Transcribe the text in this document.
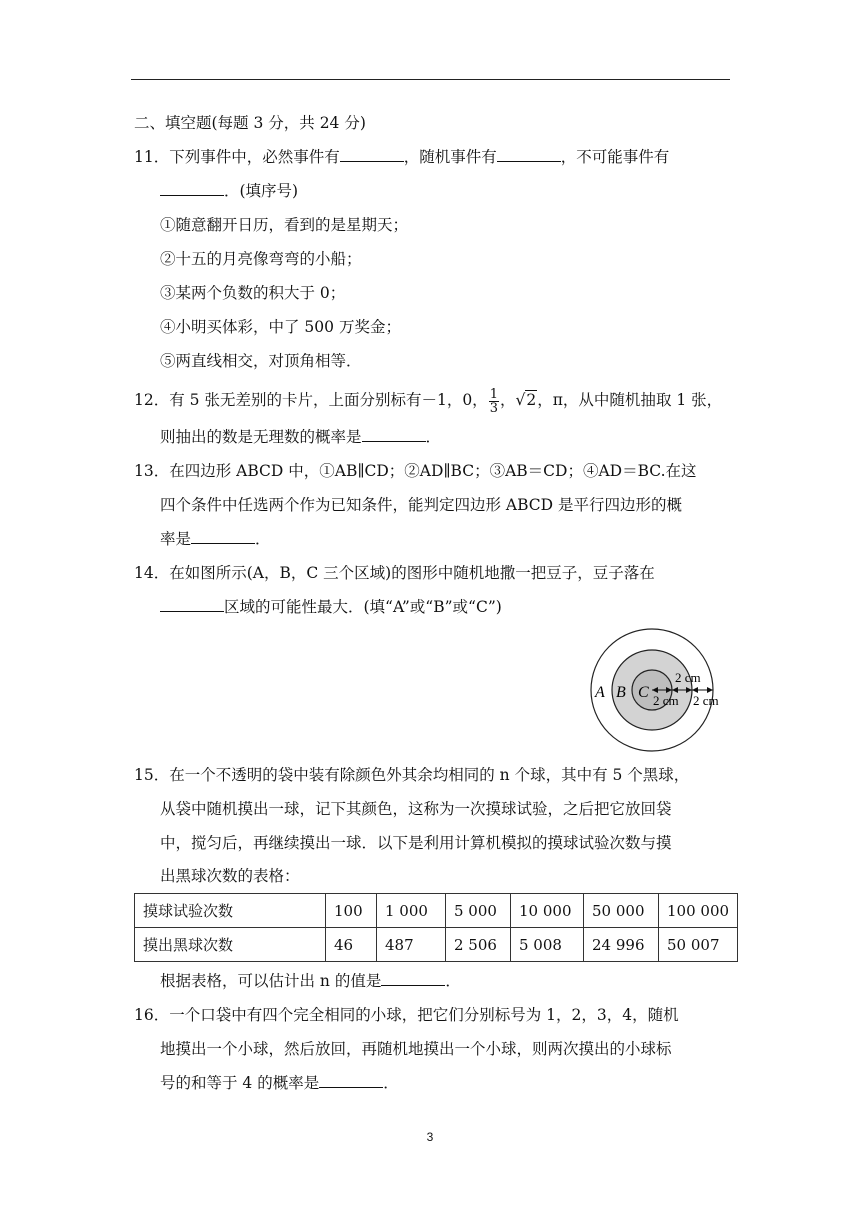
二、填空题(每题 3 分，共 24 分)
11．下列事件中，必然事件有	，随机事件有	，不可能事件有
．(填序号)
①随意翻开日历，看到的是星期天；
②十五的月亮像弯弯的小船；
③某两个负数的积大于 0；
④小明买体彩，中了 500 万奖金；
⑤两直线相交，对顶角相等．
12．有 5 张无差别的卡片，上面分别标有－1，0， $\frac{1}{3}$ ，√2，π，从中随机抽取 1 张，
则抽出的数是无理数的概率是	．
13．在四边形 ABCD 中，①AB∥CD；②AD∥BC；③AB＝CD；④AD＝BC.在这
四个条件中任选两个作为已知条件，能判定四边形 ABCD 是平行四边形的概
率是	．
14．在如图所示(A，B，C 三个区域)的图形中随机地撒一把豆子，豆子落在
区域的可能性最大．(填“A”或“B”或“C”)
A B C
2 cm
2 cm 2 cm
15．在一个不透明的袋中装有除颜色外其余均相同的 n 个球，其中有 5 个黑球，
从袋中随机摸出一球，记下其颜色，这称为一次摸球试验，之后把它放回袋
中，搅匀后，再继续摸出一球．以下是利用计算机模拟的摸球试验次数与摸
出黑球次数的表格：
摸球试验次数	100	1 000	5 000	10 000	50 000	100 000
摸出黑球次数	46	487	2 506	5 008	24 996	50 007
根据表格，可以估计出 n 的值是	．
16．一个口袋中有四个完全相同的小球，把它们分别标号为 1，2，3，4，随机
地摸出一个小球，然后放回，再随机地摸出一个小球，则两次摸出的小球标
号的和等于 4 的概率是	．
3
